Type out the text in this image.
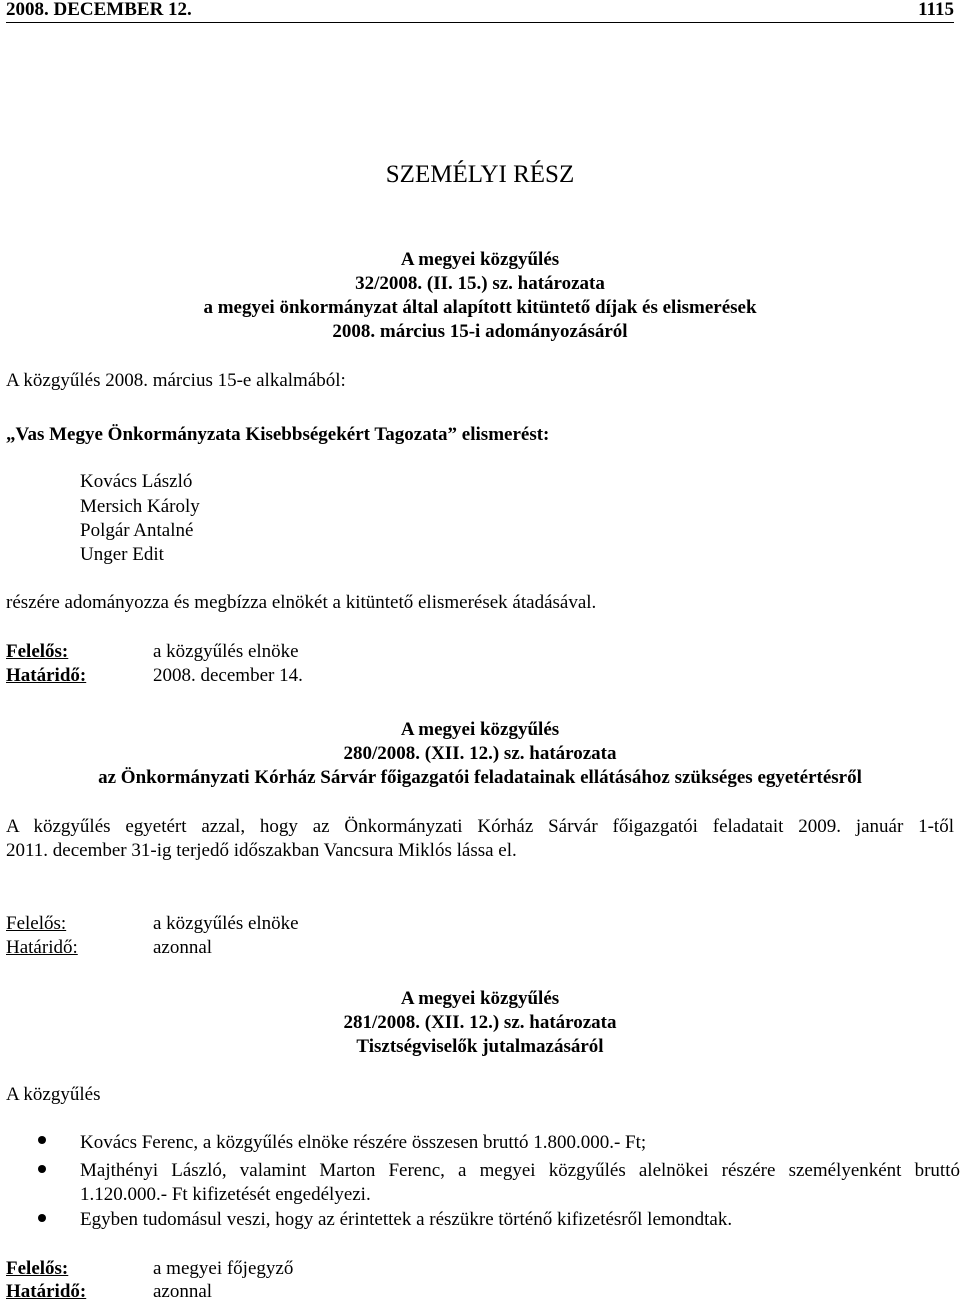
2008. DECEMBER 12.	1115
SZEMÉLYI RÉSZ
A megyei közgyűlés
32/2008. (II. 15.) sz. határozata
a megyei önkormányzat által alapított kitüntető díjak és elismerések
2008. március 15-i adományozásáról
A közgyűlés 2008. március 15-e alkalmából:
„Vas Megye Önkormányzata Kisebbségekért Tagozata” elismerést:
Kovács László
Mersich Károly
Polgár Antalné
Unger Edit
részére adományozza és megbízza elnökét a kitüntető elismerések átadásával.
Felelős:	a közgyűlés elnöke
Határidő:	2008. december 14.
A megyei közgyűlés
280/2008. (XII. 12.) sz. határozata
az Önkormányzati Kórház Sárvár főigazgatói feladatainak ellátásához szükséges egyetértésről
A közgyűlés egyetért azzal, hogy az Önkormányzati Kórház Sárvár főigazgatói feladatait 2009. január 1-től
2011. december 31-ig terjedő időszakban Vancsura Miklós lássa el.
Felelős:	a közgyűlés elnöke
Határidő:	azonnal
A megyei közgyűlés
281/2008. (XII. 12.) sz. határozata
Tisztségviselők jutalmazásáról
A közgyűlés
Kovács Ferenc, a közgyűlés elnöke részére összesen bruttó 1.800.000.- Ft;
Majthényi László, valamint Marton Ferenc, a megyei közgyűlés alelnökei részére személyenként bruttó
1.120.000.- Ft kifizetését engedélyezi.
Egyben tudomásul veszi, hogy az érintettek a részükre történő kifizetésről lemondtak.
Felelős:	a megyei főjegyző
Határidő:	azonnal
